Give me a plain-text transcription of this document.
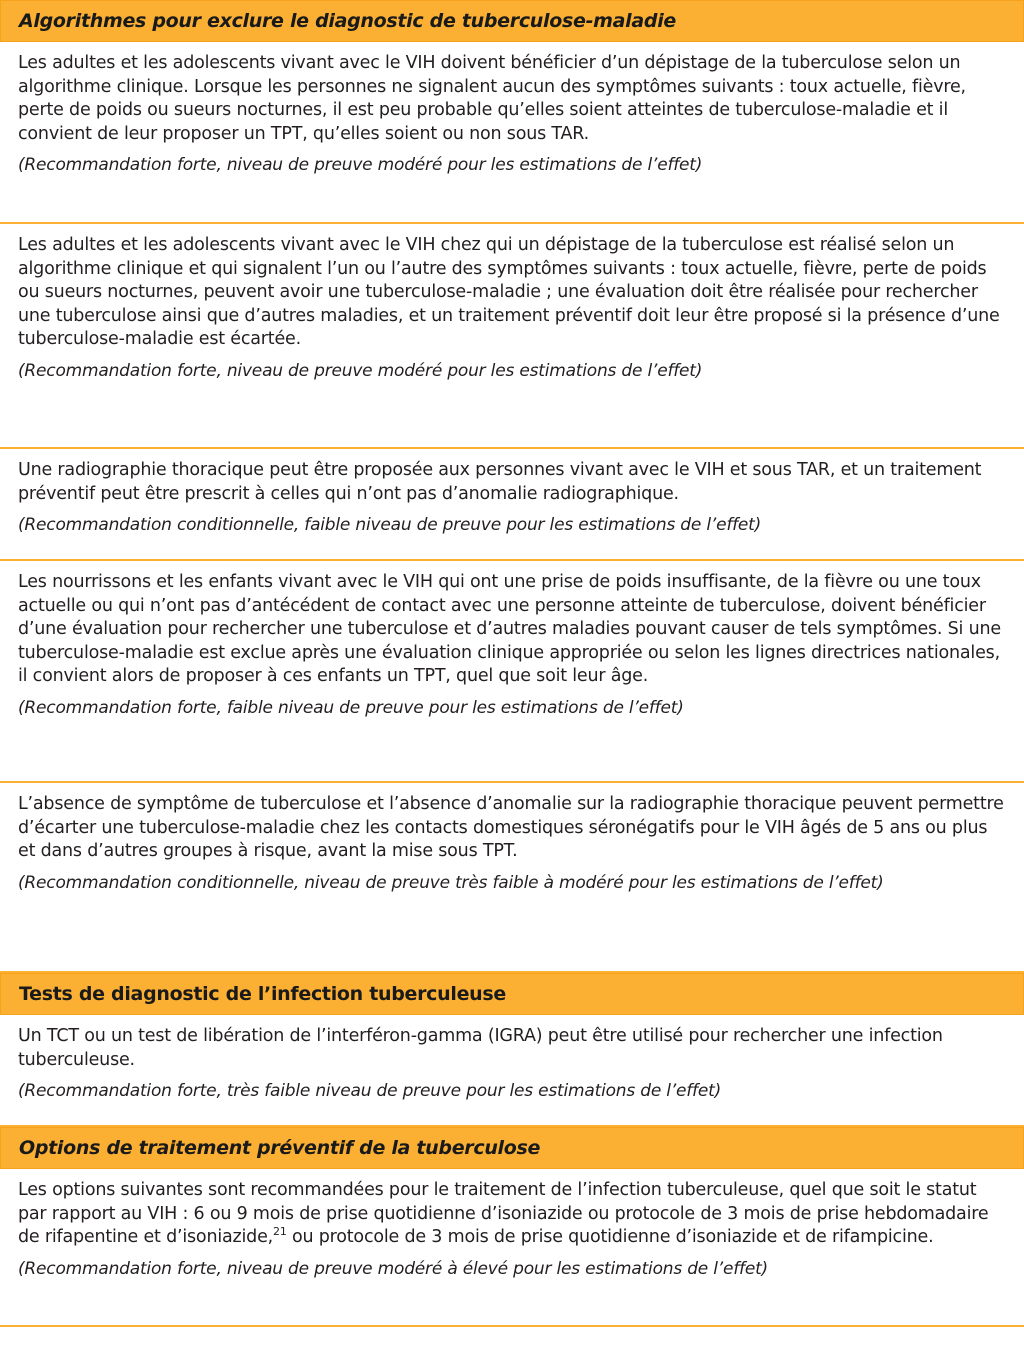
Algorithmes pour exclure le diagnostic de tuberculose-maladie

Les adultes et les adolescents vivant avec le VIH doivent bénéficier d’un dépistage de la tuberculose selon un algorithme clinique. Lorsque les personnes ne signalent aucun des symptômes suivants : toux actuelle, fièvre, perte de poids ou sueurs nocturnes, il est peu probable qu’elles soient atteintes de tuberculose-maladie et il convient de leur proposer un TPT, qu’elles soient ou non sous TAR.

(Recommandation forte, niveau de preuve modéré pour les estimations de l’effet)

Les adultes et les adolescents vivant avec le VIH chez qui un dépistage de la tuberculose est réalisé selon un algorithme clinique et qui signalent l’un ou l’autre des symptômes suivants : toux actuelle, fièvre, perte de poids ou sueurs nocturnes, peuvent avoir une tuberculose-maladie ; une évaluation doit être réalisée pour rechercher une tuberculose ainsi que d’autres maladies, et un traitement préventif doit leur être proposé si la présence d’une tuberculose-maladie est écartée.

(Recommandation forte, niveau de preuve modéré pour les estimations de l’effet)

Une radiographie thoracique peut être proposée aux personnes vivant avec le VIH et sous TAR, et un traitement préventif peut être prescrit à celles qui n’ont pas d’anomalie radiographique.

(Recommandation conditionnelle, faible niveau de preuve pour les estimations de l’effet)

Les nourrissons et les enfants vivant avec le VIH qui ont une prise de poids insuffisante, de la fièvre ou une toux actuelle ou qui n’ont pas d’antécédent de contact avec une personne atteinte de tuberculose, doivent bénéficier d’une évaluation pour rechercher une tuberculose et d’autres maladies pouvant causer de tels symptômes. Si une tuberculose-maladie est exclue après une évaluation clinique appropriée ou selon les lignes directrices nationales, il convient alors de proposer à ces enfants un TPT, quel que soit leur âge.

(Recommandation forte, faible niveau de preuve pour les estimations de l’effet)

L’absence de symptôme de tuberculose et l’absence d’anomalie sur la radiographie thoracique peuvent permettre d’écarter une tuberculose-maladie chez les contacts domestiques séronégatifs pour le VIH âgés de 5 ans ou plus et dans d’autres groupes à risque, avant la mise sous TPT.

(Recommandation conditionnelle, niveau de preuve très faible à modéré pour les estimations de l’effet)

Tests de diagnostic de l’infection tuberculeuse

Un TCT ou un test de libération de l’interféron-gamma (IGRA) peut être utilisé pour rechercher une infection tuberculeuse.

(Recommandation forte, très faible niveau de preuve pour les estimations de l’effet)

Options de traitement préventif de la tuberculose

Les options suivantes sont recommandées pour le traitement de l’infection tuberculeuse, quel que soit le statut par rapport au VIH : 6 ou 9 mois de prise quotidienne d’isoniazide ou protocole de 3 mois de prise hebdomadaire de rifapentine et d’isoniazide,$^{21}$ ou protocole de 3 mois de prise quotidienne d’isoniazide et de rifampicine.

(Recommandation forte, niveau de preuve modéré à élevé pour les estimations de l’effet)
